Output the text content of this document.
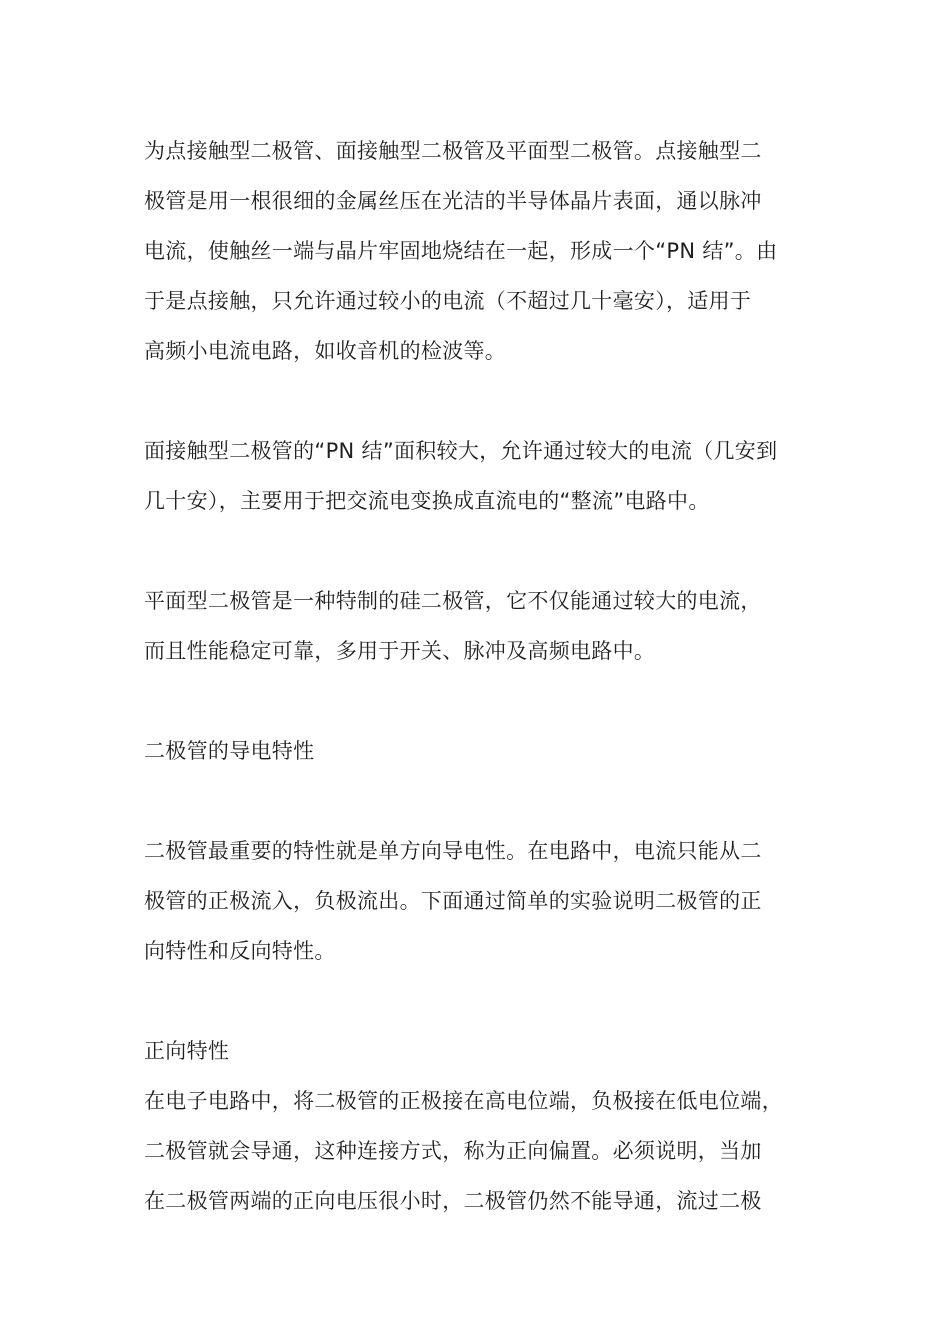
为点接触型二极管、面接触型二极管及平面型二极管。点接触型二
极管是用一根很细的金属丝压在光洁的半导体晶片表面，通以脉冲
电流，使触丝一端与晶片牢固地烧结在一起，形成一个“PN 结”。由
于是点接触，只允许通过较小的电流（不超过几十毫安），适用于
高频小电流电路，如收音机的检波等。
面接触型二极管的“PN 结”面积较大，允许通过较大的电流（几安到
几十安），主要用于把交流电变换成直流电的“整流”电路中。
平面型二极管是一种特制的硅二极管，它不仅能通过较大的电流，
而且性能稳定可靠，多用于开关、脉冲及高频电路中。
二极管的导电特性
二极管最重要的特性就是单方向导电性。在电路中，电流只能从二
极管的正极流入，负极流出。下面通过简单的实验说明二极管的正
向特性和反向特性。
正向特性
在电子电路中，将二极管的正极接在高电位端，负极接在低电位端，
二极管就会导通，这种连接方式，称为正向偏置。必须说明，当加
在二极管两端的正向电压很小时，二极管仍然不能导通，流过二极
